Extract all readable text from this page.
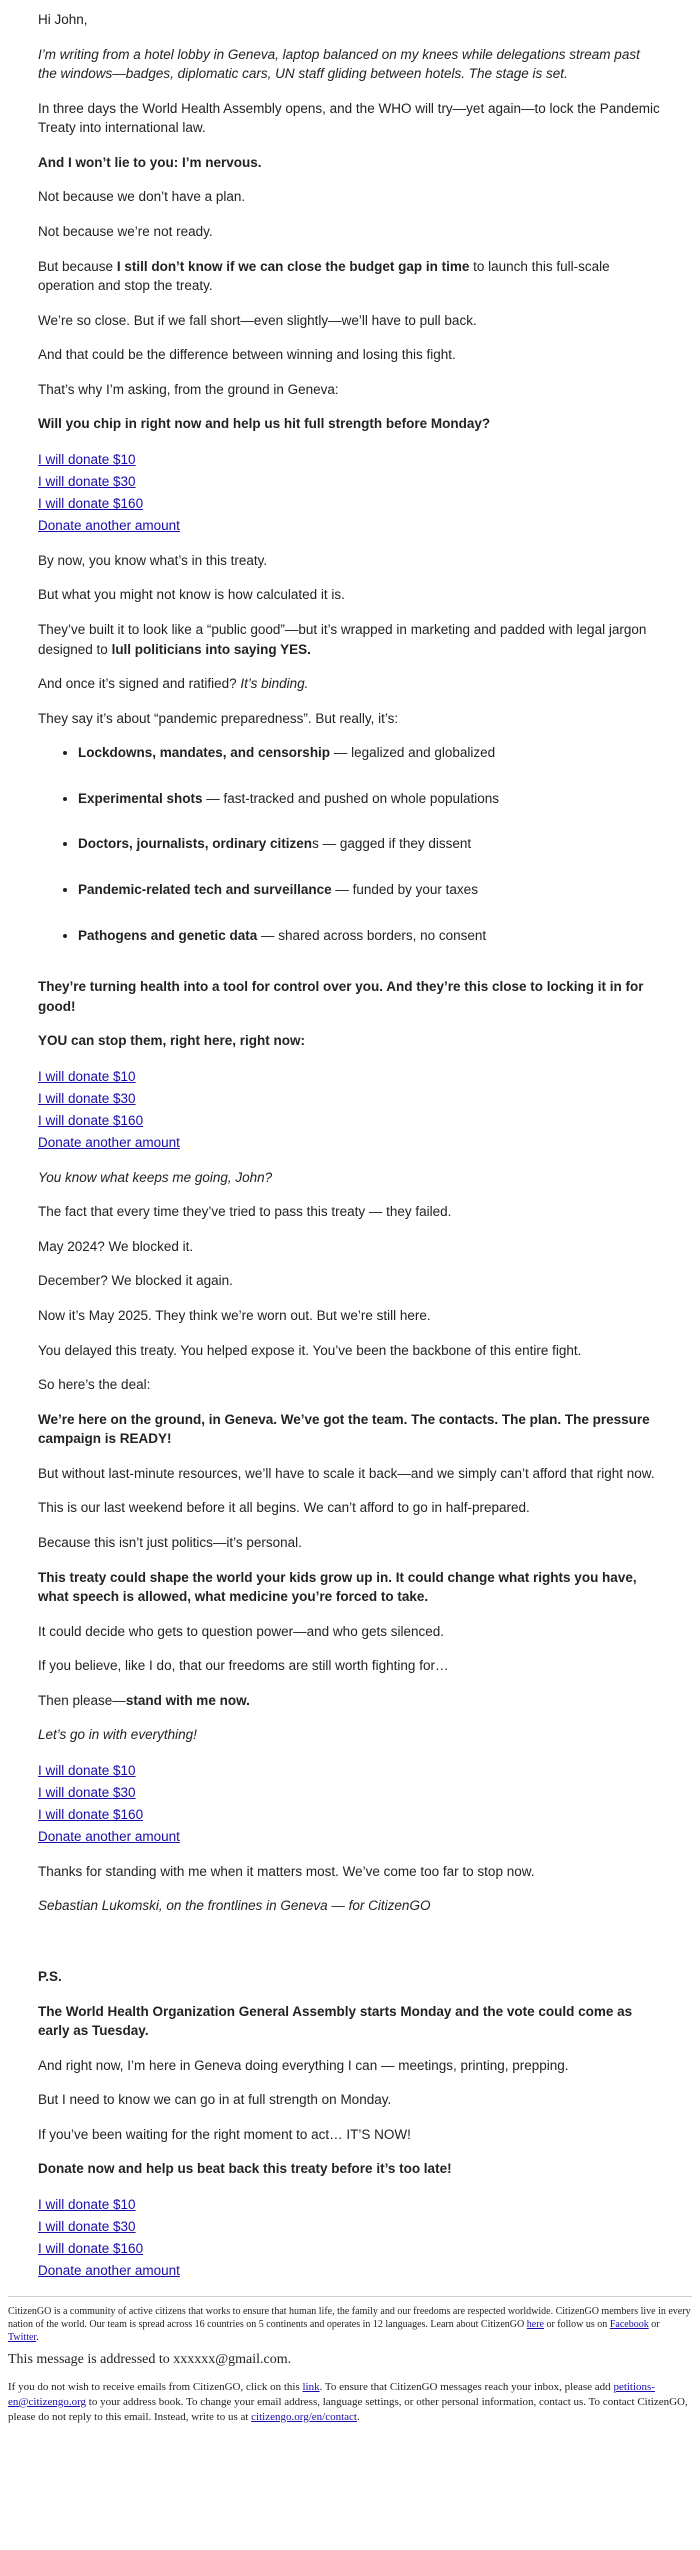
Hi John,

I’m writing from a hotel lobby in Geneva, laptop balanced on my knees while delegations stream past the windows—badges, diplomatic cars, UN staff gliding between hotels. The stage is set.

In three days the World Health Assembly opens, and the WHO will try—yet again—to lock the Pandemic Treaty into international law.

And I won’t lie to you: I’m nervous.

Not because we don’t have a plan.

Not because we’re not ready.

But because I still don’t know if we can close the budget gap in time to launch this full-scale operation and stop the treaty.

We’re so close. But if we fall short—even slightly—we’ll have to pull back.

And that could be the difference between winning and losing this fight.

That’s why I’m asking, from the ground in Geneva:

Will you chip in right now and help us hit full strength before Monday?

I will donate $10
I will donate $30
I will donate $160
Donate another amount

By now, you know what’s in this treaty.

But what you might not know is how calculated it is.

They’ve built it to look like a “public good”—but it’s wrapped in marketing and padded with legal jargon designed to lull politicians into saying YES.

And once it’s signed and ratified? It’s binding.

They say it’s about “pandemic preparedness”. But really, it’s:

• Lockdowns, mandates, and censorship — legalized and globalized
• Experimental shots — fast-tracked and pushed on whole populations
• Doctors, journalists, ordinary citizens — gagged if they dissent
• Pandemic-related tech and surveillance — funded by your taxes
• Pathogens and genetic data — shared across borders, no consent

They’re turning health into a tool for control over you. And they’re this close to locking it in for good!

YOU can stop them, right here, right now:

I will donate $10
I will donate $30
I will donate $160
Donate another amount

You know what keeps me going, John?

The fact that every time they’ve tried to pass this treaty — they failed.

May 2024? We blocked it.

December? We blocked it again.

Now it’s May 2025. They think we’re worn out. But we’re still here.

You delayed this treaty. You helped expose it. You’ve been the backbone of this entire fight.

So here’s the deal:

We’re here on the ground, in Geneva. We’ve got the team. The contacts. The plan. The pressure campaign is READY!

But without last-minute resources, we’ll have to scale it back—and we simply can’t afford that right now.

This is our last weekend before it all begins. We can’t afford to go in half-prepared.

Because this isn’t just politics—it’s personal.

This treaty could shape the world your kids grow up in. It could change what rights you have, what speech is allowed, what medicine you’re forced to take.

It could decide who gets to question power—and who gets silenced.

If you believe, like I do, that our freedoms are still worth fighting for…

Then please—stand with me now.

Let’s go in with everything!

I will donate $10
I will donate $30
I will donate $160
Donate another amount

Thanks for standing with me when it matters most. We’ve come too far to stop now.

Sebastian Lukomski, on the frontlines in Geneva — for CitizenGO

P.S.

The World Health Organization General Assembly starts Monday and the vote could come as early as Tuesday.

And right now, I’m here in Geneva doing everything I can — meetings, printing, prepping.

But I need to know we can go in at full strength on Monday.

If you’ve been waiting for the right moment to act… IT’S NOW!

Donate now and help us beat back this treaty before it’s too late!

I will donate $10
I will donate $30
I will donate $160
Donate another amount

CitizenGO is a community of active citizens that works to ensure that human life, the family and our freedoms are respected worldwide. CitizenGO members live in every nation of the world. Our team is spread across 16 countries on 5 continents and operates in 12 languages. Learn about CitizenGO here or follow us on Facebook or Twitter.

This message is addressed to xxxxxx@gmail.com.

If you do not wish to receive emails from CitizenGO, click on this link. To ensure that CitizenGO messages reach your inbox, please add petitions-en@citizengo.org to your address book. To change your email address, language settings, or other personal information, contact us. To contact CitizenGO, please do not reply to this email. Instead, write to us at citizengo.org/en/contact.
